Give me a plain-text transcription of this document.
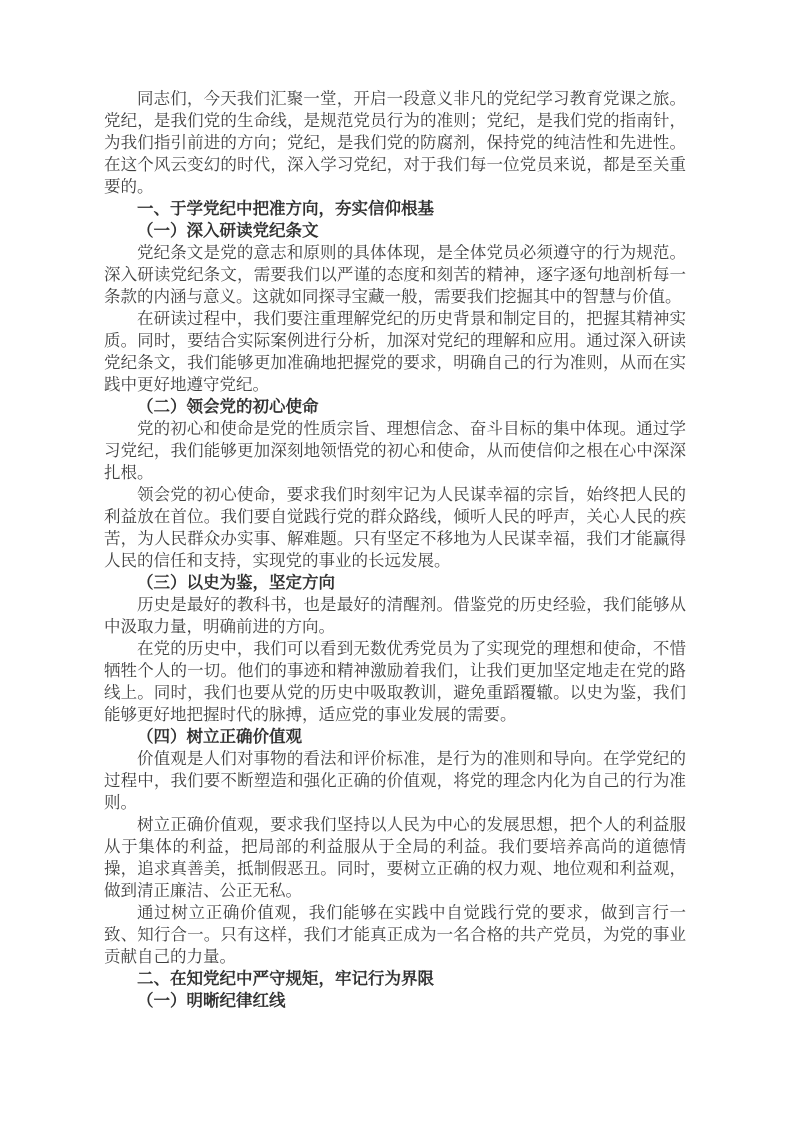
同志们，今天我们汇聚一堂，开启一段意义非凡的党纪学习教育党课之旅。党纪，是我们党的生命线，是规范党员行为的准则；党纪，是我们党的指南针，为我们指引前进的方向；党纪，是我们党的防腐剂，保持党的纯洁性和先进性。在这个风云变幻的时代，深入学习党纪，对于我们每一位党员来说，都是至关重要的。

一、于学党纪中把准方向，夯实信仰根基

（一）深入研读党纪条文

党纪条文是党的意志和原则的具体体现，是全体党员必须遵守的行为规范。深入研读党纪条文，需要我们以严谨的态度和刻苦的精神，逐字逐句地剖析每一条款的内涵与意义。这就如同探寻宝藏一般，需要我们挖掘其中的智慧与价值。

在研读过程中，我们要注重理解党纪的历史背景和制定目的，把握其精神实质。同时，要结合实际案例进行分析，加深对党纪的理解和应用。通过深入研读党纪条文，我们能够更加准确地把握党的要求，明确自己的行为准则，从而在实践中更好地遵守党纪。

（二）领会党的初心使命

党的初心和使命是党的性质宗旨、理想信念、奋斗目标的集中体现。通过学习党纪，我们能够更加深刻地领悟党的初心和使命，从而使信仰之根在心中深深扎根。

领会党的初心使命，要求我们时刻牢记为人民谋幸福的宗旨，始终把人民的利益放在首位。我们要自觉践行党的群众路线，倾听人民的呼声，关心人民的疾苦，为人民群众办实事、解难题。只有坚定不移地为人民谋幸福，我们才能赢得人民的信任和支持，实现党的事业的长远发展。

（三）以史为鉴，坚定方向

历史是最好的教科书，也是最好的清醒剂。借鉴党的历史经验，我们能够从中汲取力量，明确前进的方向。

在党的历史中，我们可以看到无数优秀党员为了实现党的理想和使命，不惜牺牲个人的一切。他们的事迹和精神激励着我们，让我们更加坚定地走在党的路线上。同时，我们也要从党的历史中吸取教训，避免重蹈覆辙。以史为鉴，我们能够更好地把握时代的脉搏，适应党的事业发展的需要。

（四）树立正确价值观

价值观是人们对事物的看法和评价标准，是行为的准则和导向。在学党纪的过程中，我们要不断塑造和强化正确的价值观，将党的理念内化为自己的行为准则。

树立正确价值观，要求我们坚持以人民为中心的发展思想，把个人的利益服从于集体的利益，把局部的利益服从于全局的利益。我们要培养高尚的道德情操，追求真善美，抵制假恶丑。同时，要树立正确的权力观、地位观和利益观，做到清正廉洁、公正无私。

通过树立正确价值观，我们能够在实践中自觉践行党的要求，做到言行一致、知行合一。只有这样，我们才能真正成为一名合格的共产党员，为党的事业贡献自己的力量。

二、在知党纪中严守规矩，牢记行为界限

（一）明晰纪律红线
